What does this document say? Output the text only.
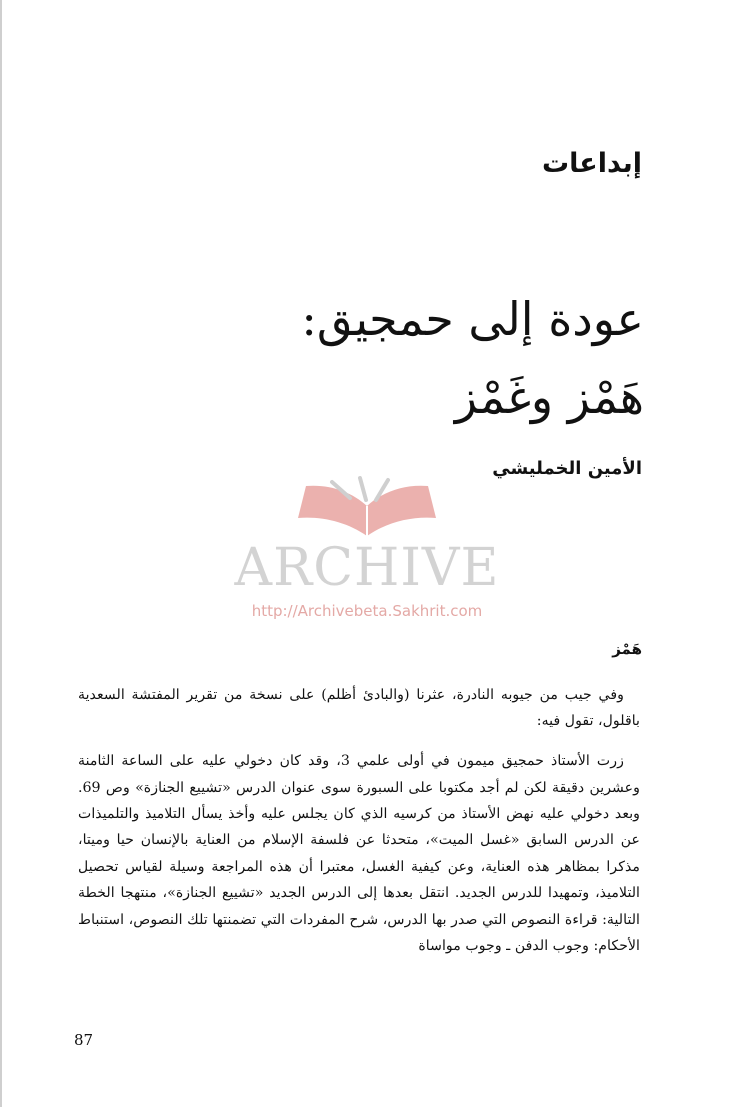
إبداعات
عودة إلى حمجيق:
هَمْز وغَمْز
الأمين الخمليشي
ARCHIVE
http://Archivebeta.Sakhrit.com
هَمْز

وفي جيب من جيوبه النادرة، عثرنا (والبادئ أظلم) على نسخة من تقرير المفتشة السعدية باقلول، تقول فيه:

زرت الأستاذ حمجيق ميمون في أولى علمي 3، وقد كان دخولي عليه على الساعة الثامنة وعشرين دقيقة لكن لم أجد مكتوبا على السبورة سوى عنوان الدرس «تشييع الجنازة» وص 69. وبعد دخولي عليه نهض الأستاذ من كرسيه الذي كان يجلس عليه وأخذ يسأل التلاميذ والتلميذات عن الدرس السابق «غسل الميت»، متحدثا عن فلسفة الإسلام من العناية بالإنسان حيا وميتا، مذكرا بمظاهر هذه العناية، وعن كيفية الغسل، معتبرا أن هذه المراجعة وسيلة لقياس تحصيل التلاميذ، وتمهيدا للدرس الجديد. انتقل بعدها إلى الدرس الجديد «تشييع الجنازة»، منتهجا الخطة التالية: قراءة النصوص التي صدر بها الدرس، شرح المفردات التي تضمنتها تلك النصوص، استنباط الأحكام: وجوب الدفن ـ وجوب مواساة

87
